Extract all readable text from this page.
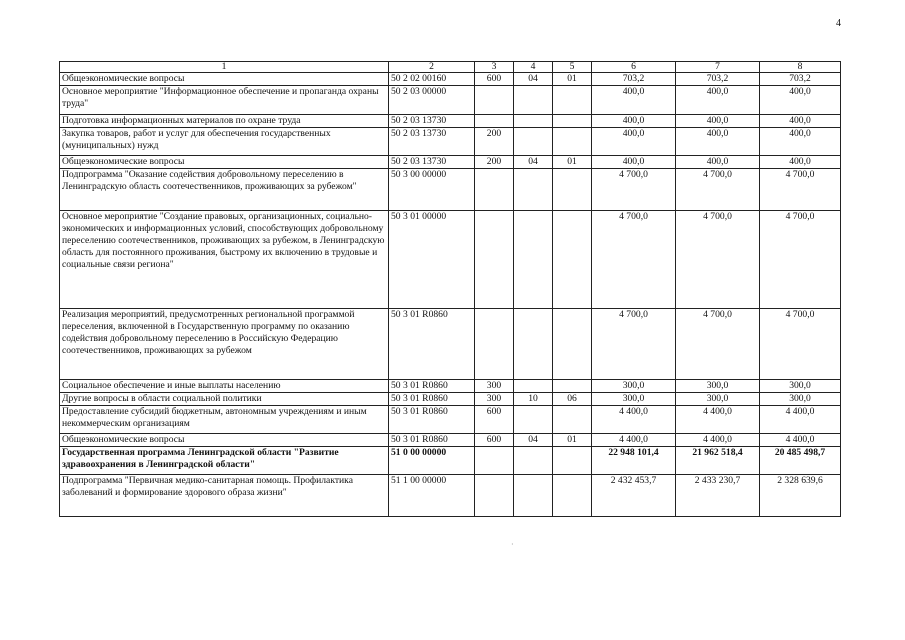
4
1	2	3	4	5	6	7	8
Общеэкономические вопросы	50 2 02 00160	600	04	01	703,2	703,2	703,2
Основное мероприятие "Информационное обеспечение и пропаганда охраны труда"	50 2 03 00000				400,0	400,0	400,0
Подготовка информационных материалов по охране труда	50 2 03 13730				400,0	400,0	400,0
Закупка товаров, работ и услуг для обеспечения государственных (муниципальных) нужд	50 2 03 13730	200			400,0	400,0	400,0
Общеэкономические вопросы	50 2 03 13730	200	04	01	400,0	400,0	400,0
Подпрограмма "Оказание содействия добровольному переселению в Ленинградскую область соотечественников, проживающих за рубежом"	50 3 00 00000				4 700,0	4 700,0	4 700,0
Основное мероприятие "Создание правовых, организационных, социально-экономических и информационных условий, способствующих добровольному переселению соотечественников, проживающих за рубежом, в Ленинградскую область для постоянного проживания, быстрому их включению в трудовые и социальные связи региона"	50 3 01 00000				4 700,0	4 700,0	4 700,0
Реализация мероприятий, предусмотренных региональной программой переселения, включенной в Государственную программу по оказанию содействия добровольному переселению в Российскую Федерацию соотечественников, проживающих за рубежом	50 3 01 R0860				4 700,0	4 700,0	4 700,0
Социальное обеспечение и иные выплаты населению	50 3 01 R0860	300			300,0	300,0	300,0
Другие вопросы в области социальной политики	50 3 01 R0860	300	10	06	300,0	300,0	300,0
Предоставление субсидий бюджетным, автономным учреждениям и иным некоммерческим организациям	50 3 01 R0860	600			4 400,0	4 400,0	4 400,0
Общеэкономические вопросы	50 3 01 R0860	600	04	01	4 400,0	4 400,0	4 400,0
Государственная программа Ленинградской области "Развитие здравоохранения в Ленинградской области"	51 0 00 00000				22 948 101,4	21 962 518,4	20 485 498,7
Подпрограмма "Первичная медико-санитарная помощь. Профилактика заболеваний и формирование здорового образа жизни"	51 1 00 00000				2 432 453,7	2 433 230,7	2 328 639,6
·
